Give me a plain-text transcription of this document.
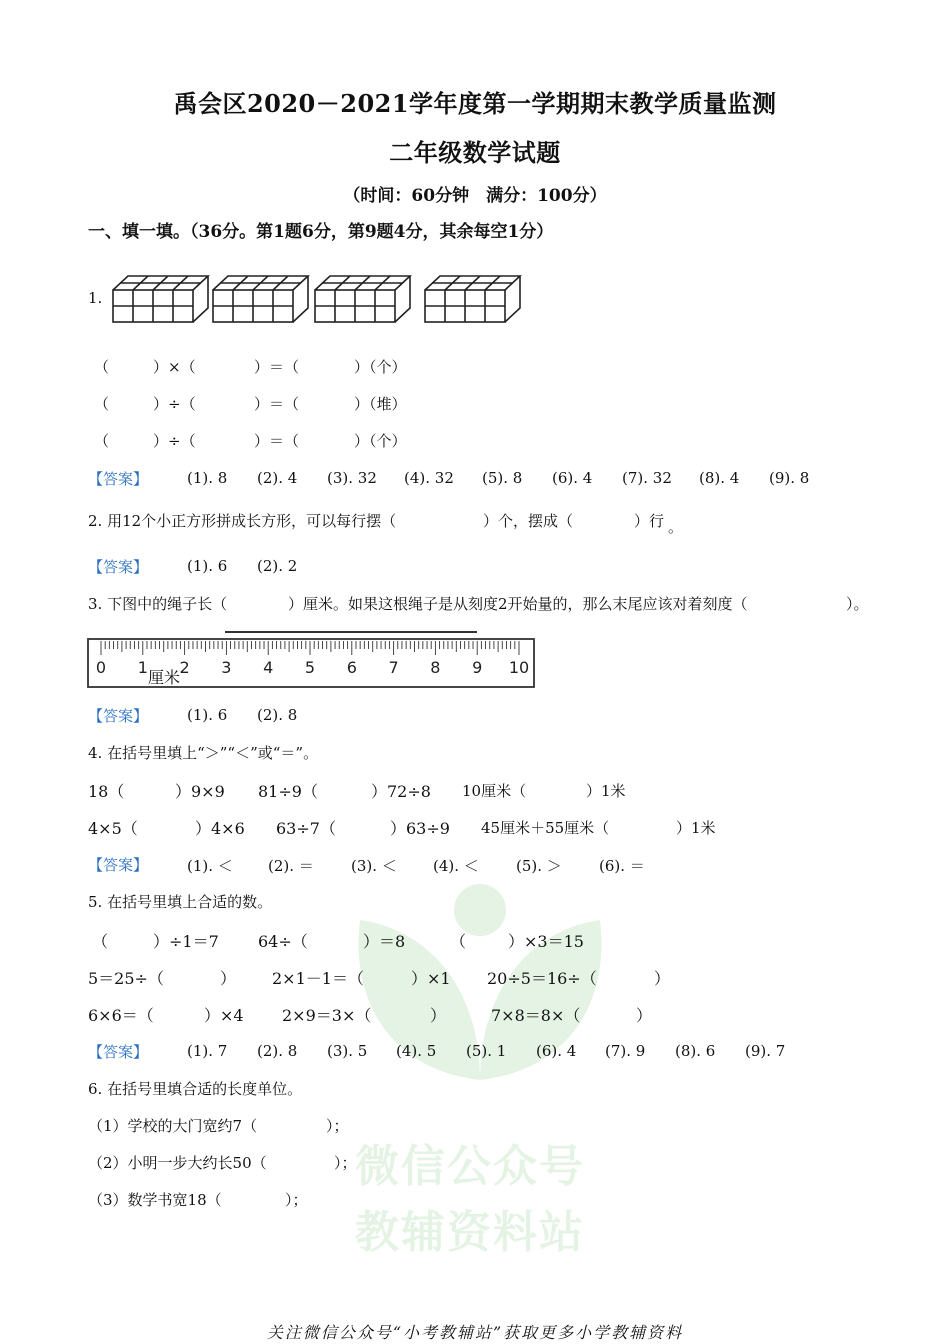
微信公众号
教辅资料站
禹会区2020－2021学年度第一学期期末教学质量监测
二年级数学试题
（时间：60分钟　满分：100分）
一、填一填。（36分。第1题6分，第9题4分，其余每空1分）
1.
（	）×（	）＝（	）（个）
（	）÷（	）＝（	）（堆）
（	）÷（	）＝（	）（个）
【答案】	(1). 8 (2). 4 (3). 32 (4). 32 (5). 8 (6). 4 (7). 32 (8). 4 (9). 8
2. 用12个小正方形拼成长方形，可以每行摆（	）个，摆成（	）行 。
【答案】	(1). 6 (2). 2
3. 下图中的绳子长（	）厘米。如果这根绳子是从刻度2开始量的，那么末尾应该对着刻度（	）。
0 1 2 3 4 5 6 7 8 9 10
厘米
【答案】	(1). 6 (2). 8
4. 在括号里填上“＞”“＜”或“＝”。
18（	）9×9 81÷9（	）72÷8 10厘米（	）1米
4×5（	）4×6 63÷7（	）63÷9 45厘米＋55厘米（	）1米
【答案】	(1). ＜ (2). ＝ (3). ＜ (4). ＜ (5). ＞ (6). ＝
5. 在括号里填上合适的数。
（	）÷1＝7 64÷（	）＝8	（	）×3＝15
5＝25÷（	） 2×1－1＝（	）×1 20÷5＝16÷（	）
6×6＝（	）×4 2×9＝3×（	）	7×8＝8×（	）
【答案】	(1). 7 (2). 8 (3). 5 (4). 5 (5). 1 (6). 4 (7). 9 (8). 6 (9). 7
6. 在括号里填合适的长度单位。
（1）学校的大门宽约7（	）；
（2）小明一步大约长50（	）；
（3）数学书宽18（	）；
关注微信公众号“小考教辅站”获取更多小学教辅资料
